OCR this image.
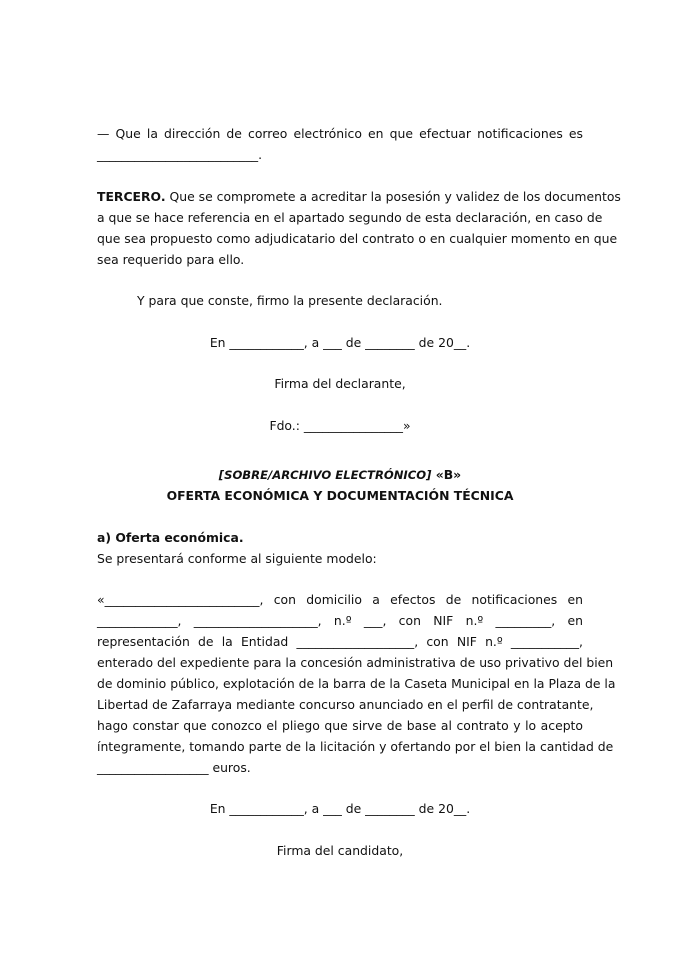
— Que la dirección de correo electrónico en que efectuar notificaciones es
__________________________.
TERCERO. Que se compromete a acreditar la posesión y validez de los documentos
a que se hace referencia en el apartado segundo de esta declaración, en caso de
que sea propuesto como adjudicatario del contrato o en cualquier momento en que
sea requerido para ello.
Y para que conste, firmo la presente declaración.
En ____________, a ___ de ________ de 20__.
Firma del declarante,
Fdo.: ________________»
[SOBRE/ARCHIVO ELECTRÓNICO] «B»
OFERTA ECONÓMICA Y DOCUMENTACIÓN TÉCNICA
a) Oferta económica.
Se presentará conforme al siguiente modelo:
«_________________________, con domicilio a efectos de notificaciones en
_____________, ____________________, n.º ___, con NIF n.º _________, en
representación de la Entidad ___________________, con NIF n.º ___________,
enterado del expediente para la concesión administrativa de uso privativo del bien
de dominio público, explotación de la barra de la Caseta Municipal en la Plaza de la
Libertad de Zafarraya mediante concurso anunciado en el perfil de contratante,
hago constar que conozco el pliego que sirve de base al contrato y lo acepto
íntegramente, tomando parte de la licitación y ofertando por el bien la cantidad de
__________________ euros.
En ____________, a ___ de ________ de 20__.
Firma del candidato,
